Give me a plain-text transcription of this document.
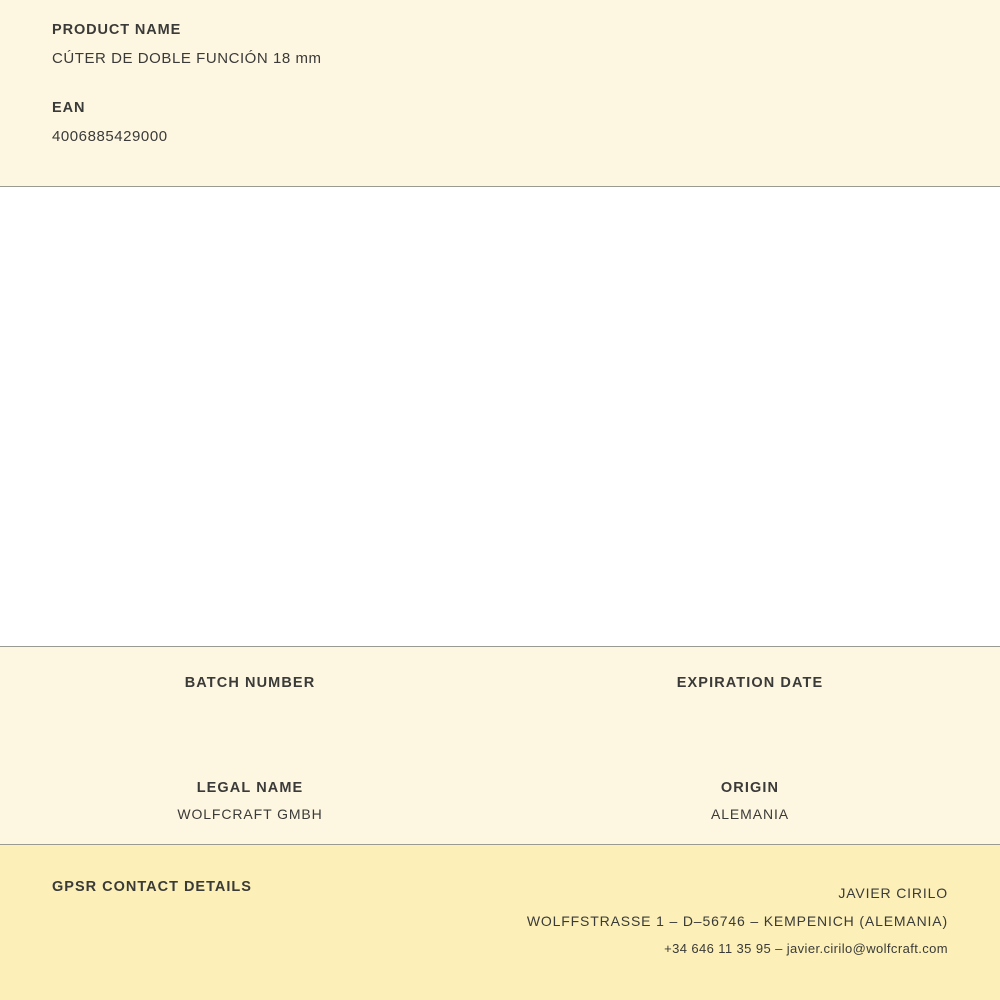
PRODUCT NAME

CÚTER DE DOBLE FUNCIÓN 18 mm

EAN

4006885429000

BATCH NUMBER	EXPIRATION DATE

LEGAL NAME

WOLFCRAFT GMBH

ORIGIN

ALEMANIA

GPSR CONTACT DETAILS	JAVIER CIRILO
WOLFFSTRASSE 1 – D–56746 – KEMPENICH (ALEMANIA)
+34 646 11 35 95 – javier.cirilo@wolfcraft.com
